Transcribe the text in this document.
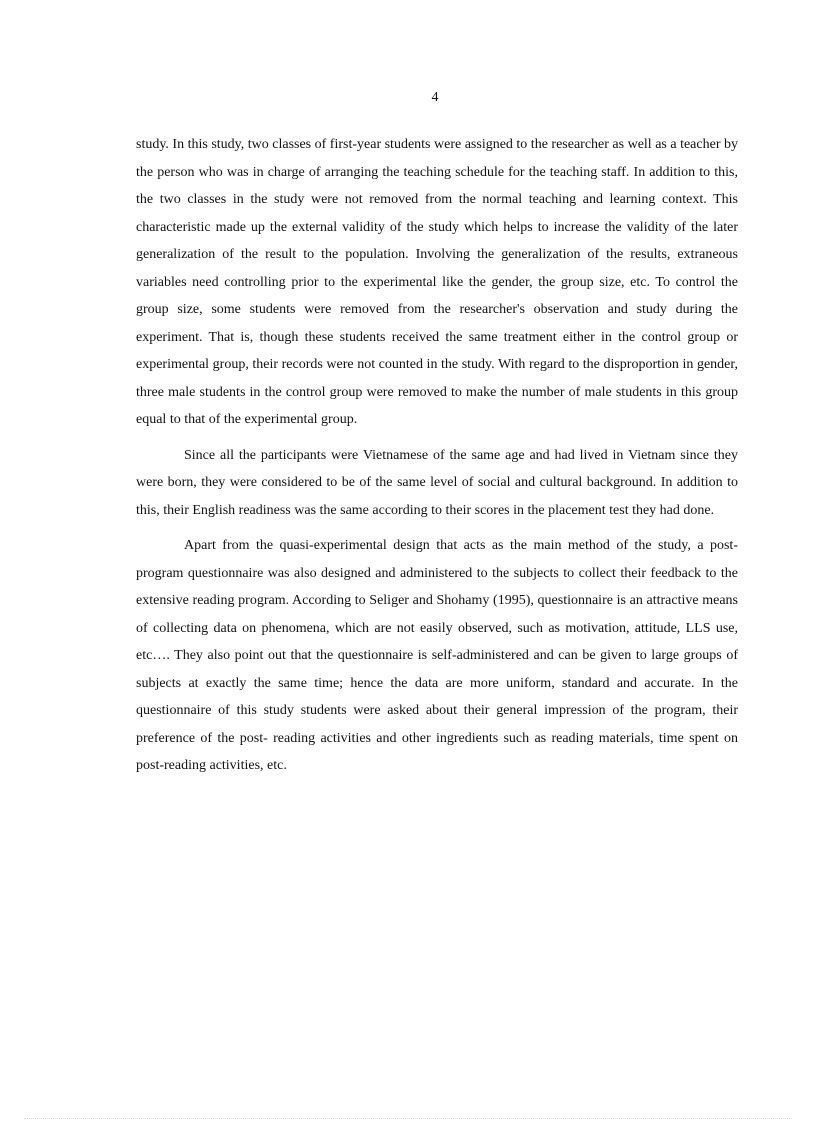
4

study. In this study, two classes of first-year students were assigned to the researcher as well as a teacher by the person who was in charge of arranging the teaching schedule for the teaching staff. In addition to this, the two classes in the study were not removed from the normal teaching and learning context. This characteristic made up the external validity of the study which helps to increase the validity of the later generalization of the result to the population. Involving the generalization of the results, extraneous variables need controlling prior to the experimental like the gender, the group size, etc. To control the group size, some students were removed from the researcher's observation and study during the experiment. That is, though these students received the same treatment either in the control group or experimental group, their records were not counted in the study. With regard to the disproportion in gender, three male students in the control group were removed to make the number of male students in this group equal to that of the experimental group.

Since all the participants were Vietnamese of the same age and had lived in Vietnam since they were born, they were considered to be of the same level of social and cultural background. In addition to this, their English readiness was the same according to their scores in the placement test they had done.

Apart from the quasi-experimental design that acts as the main method of the study, a post-program questionnaire was also designed and administered to the subjects to collect their feedback to the extensive reading program. According to Seliger and Shohamy (1995), questionnaire is an attractive means of collecting data on phenomena, which are not easily observed, such as motivation, attitude, LLS use, etc…. They also point out that the questionnaire is self-administered and can be given to large groups of subjects at exactly the same time; hence the data are more uniform, standard and accurate. In the questionnaire of this study students were asked about their general impression of the program, their preference of the post- reading activities and other ingredients such as reading materials, time spent on post-reading activities, etc.
